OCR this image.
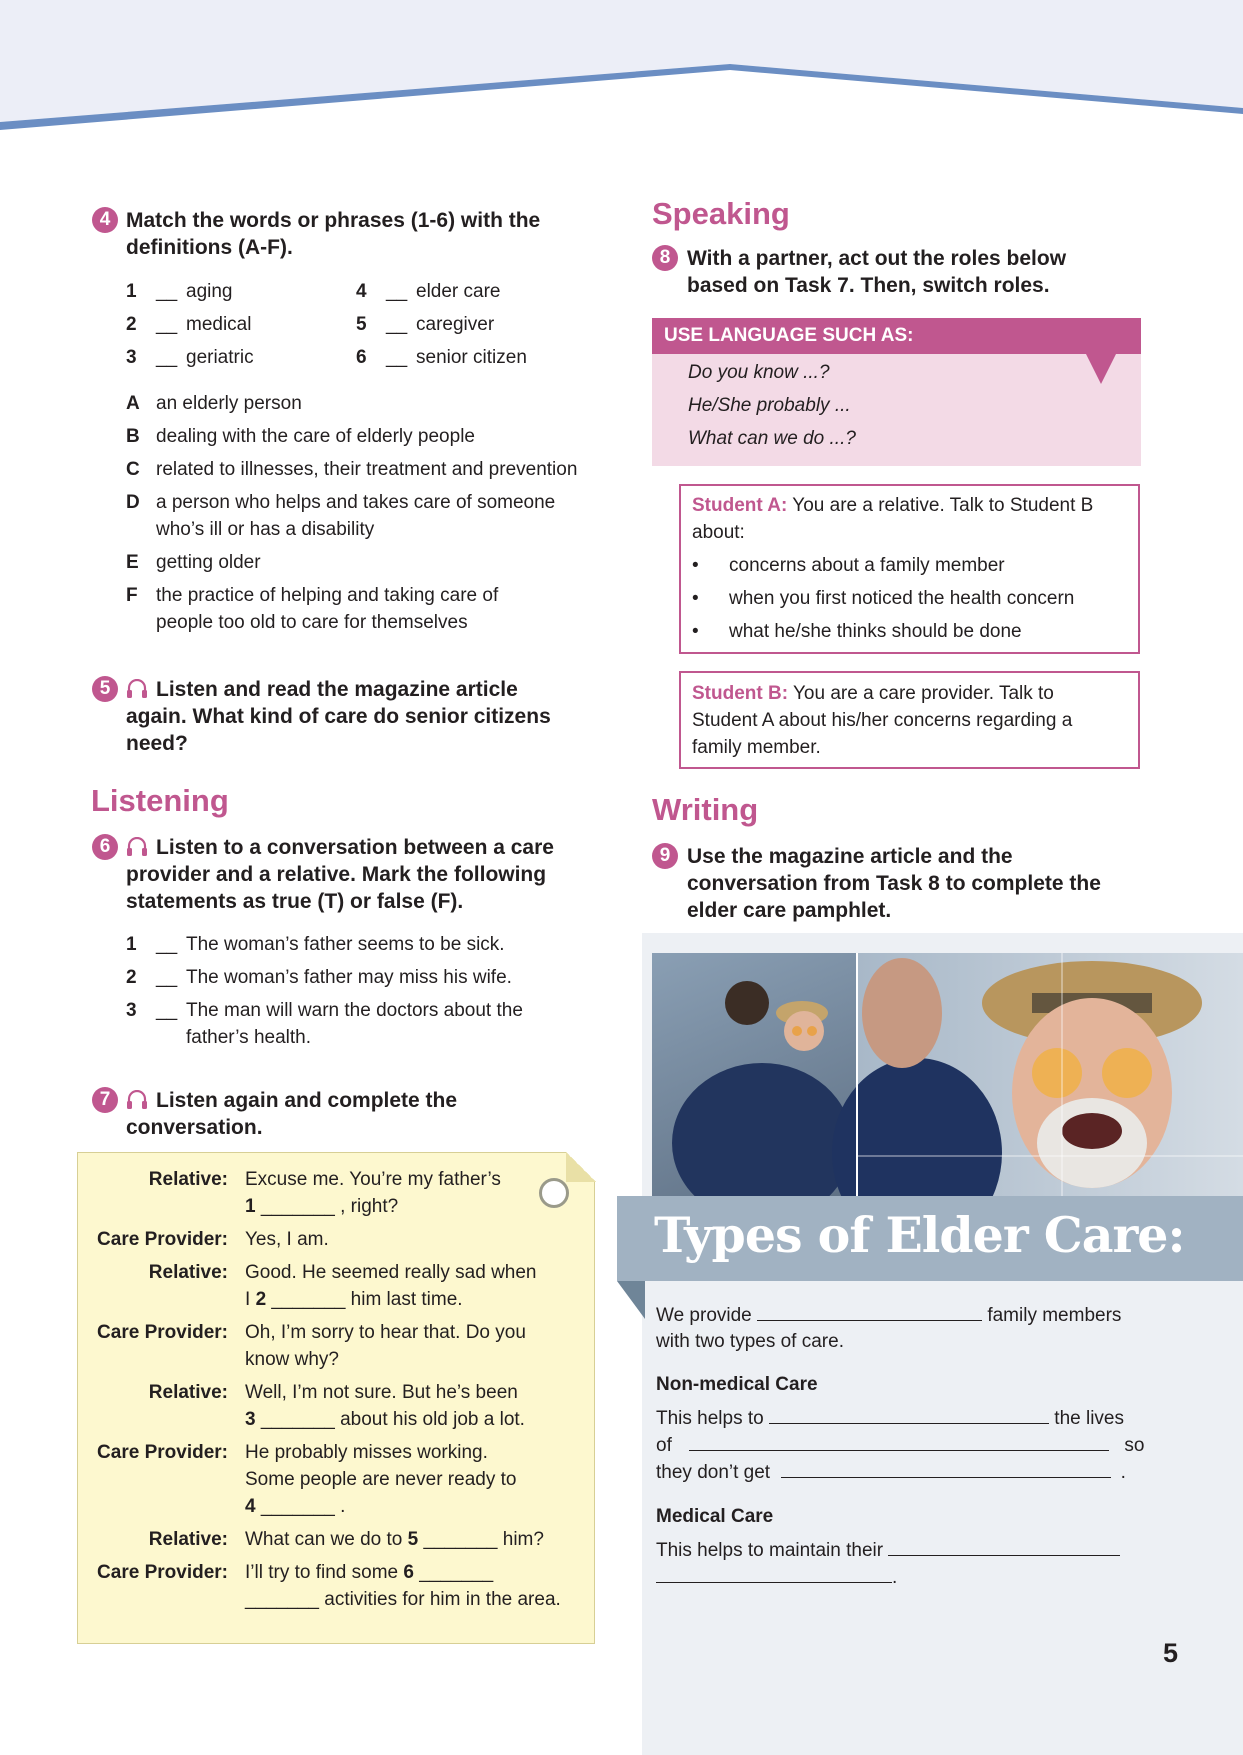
4 Match the words or phrases (1-6) with the
definitions (A-F).
1 __ aging
2 __ medical
3 __ geriatric
4 __ elder care
5 __ caregiver
6 __ senior citizen
A an elderly person
B dealing with the care of elderly people
C related to illnesses, their treatment and prevention
D a person who helps and takes care of someone
who’s ill or has a disability
E getting older
F the practice of helping and taking care of
people too old to care for themselves
5	Listen and read the magazine article
again. What kind of care do senior citizens
need?
Listening
6	Listen to a conversation between a care
provider and a relative. Mark the following
statements as true (T) or false (F).
1 __ The woman’s father seems to be sick.
2 __ The woman’s father may miss his wife.
3 __ The man will warn the doctors about the
father’s health.
7	Listen again and complete the
conversation.
Relative: Excuse me. You’re my father’s
1 _______ , right?
Care Provider: Yes, I am.
Relative: Good. He seemed really sad when
I 2 _______ him last time.
Care Provider: Oh, I’m sorry to hear that. Do you
know why?
Relative: Well, I’m not sure. But he’s been
3 _______ about his old job a lot.
Care Provider: He probably misses working.
Some people are never ready to
4 _______ .
Relative: What can we do to 5 _______ him?
Care Provider: I’ll try to find some 6 _______
_______ activities for him in the area.
Speaking
8 With a partner, act out the roles below
based on Task 7. Then, switch roles.
USE LANGUAGE SUCH AS:
Do you know ...?
He/She probably ...
What can we do ...?
Student A: You are a relative. Talk to Student B
about:
• concerns about a family member
• when you first noticed the health concern
• what he/she thinks should be done
Student B: You are a care provider. Talk to
Student A about his/her concerns regarding a
family member.
Writing
9 Use the magazine article and the
conversation from Task 8 to complete the
elder care pamphlet.
Types of Elder Care:
We provide	family members
with two types of care.
Non-medical Care
This helps to	the lives
of	so
they don’t get	.
Medical Care
This helps to maintain their
.
5
